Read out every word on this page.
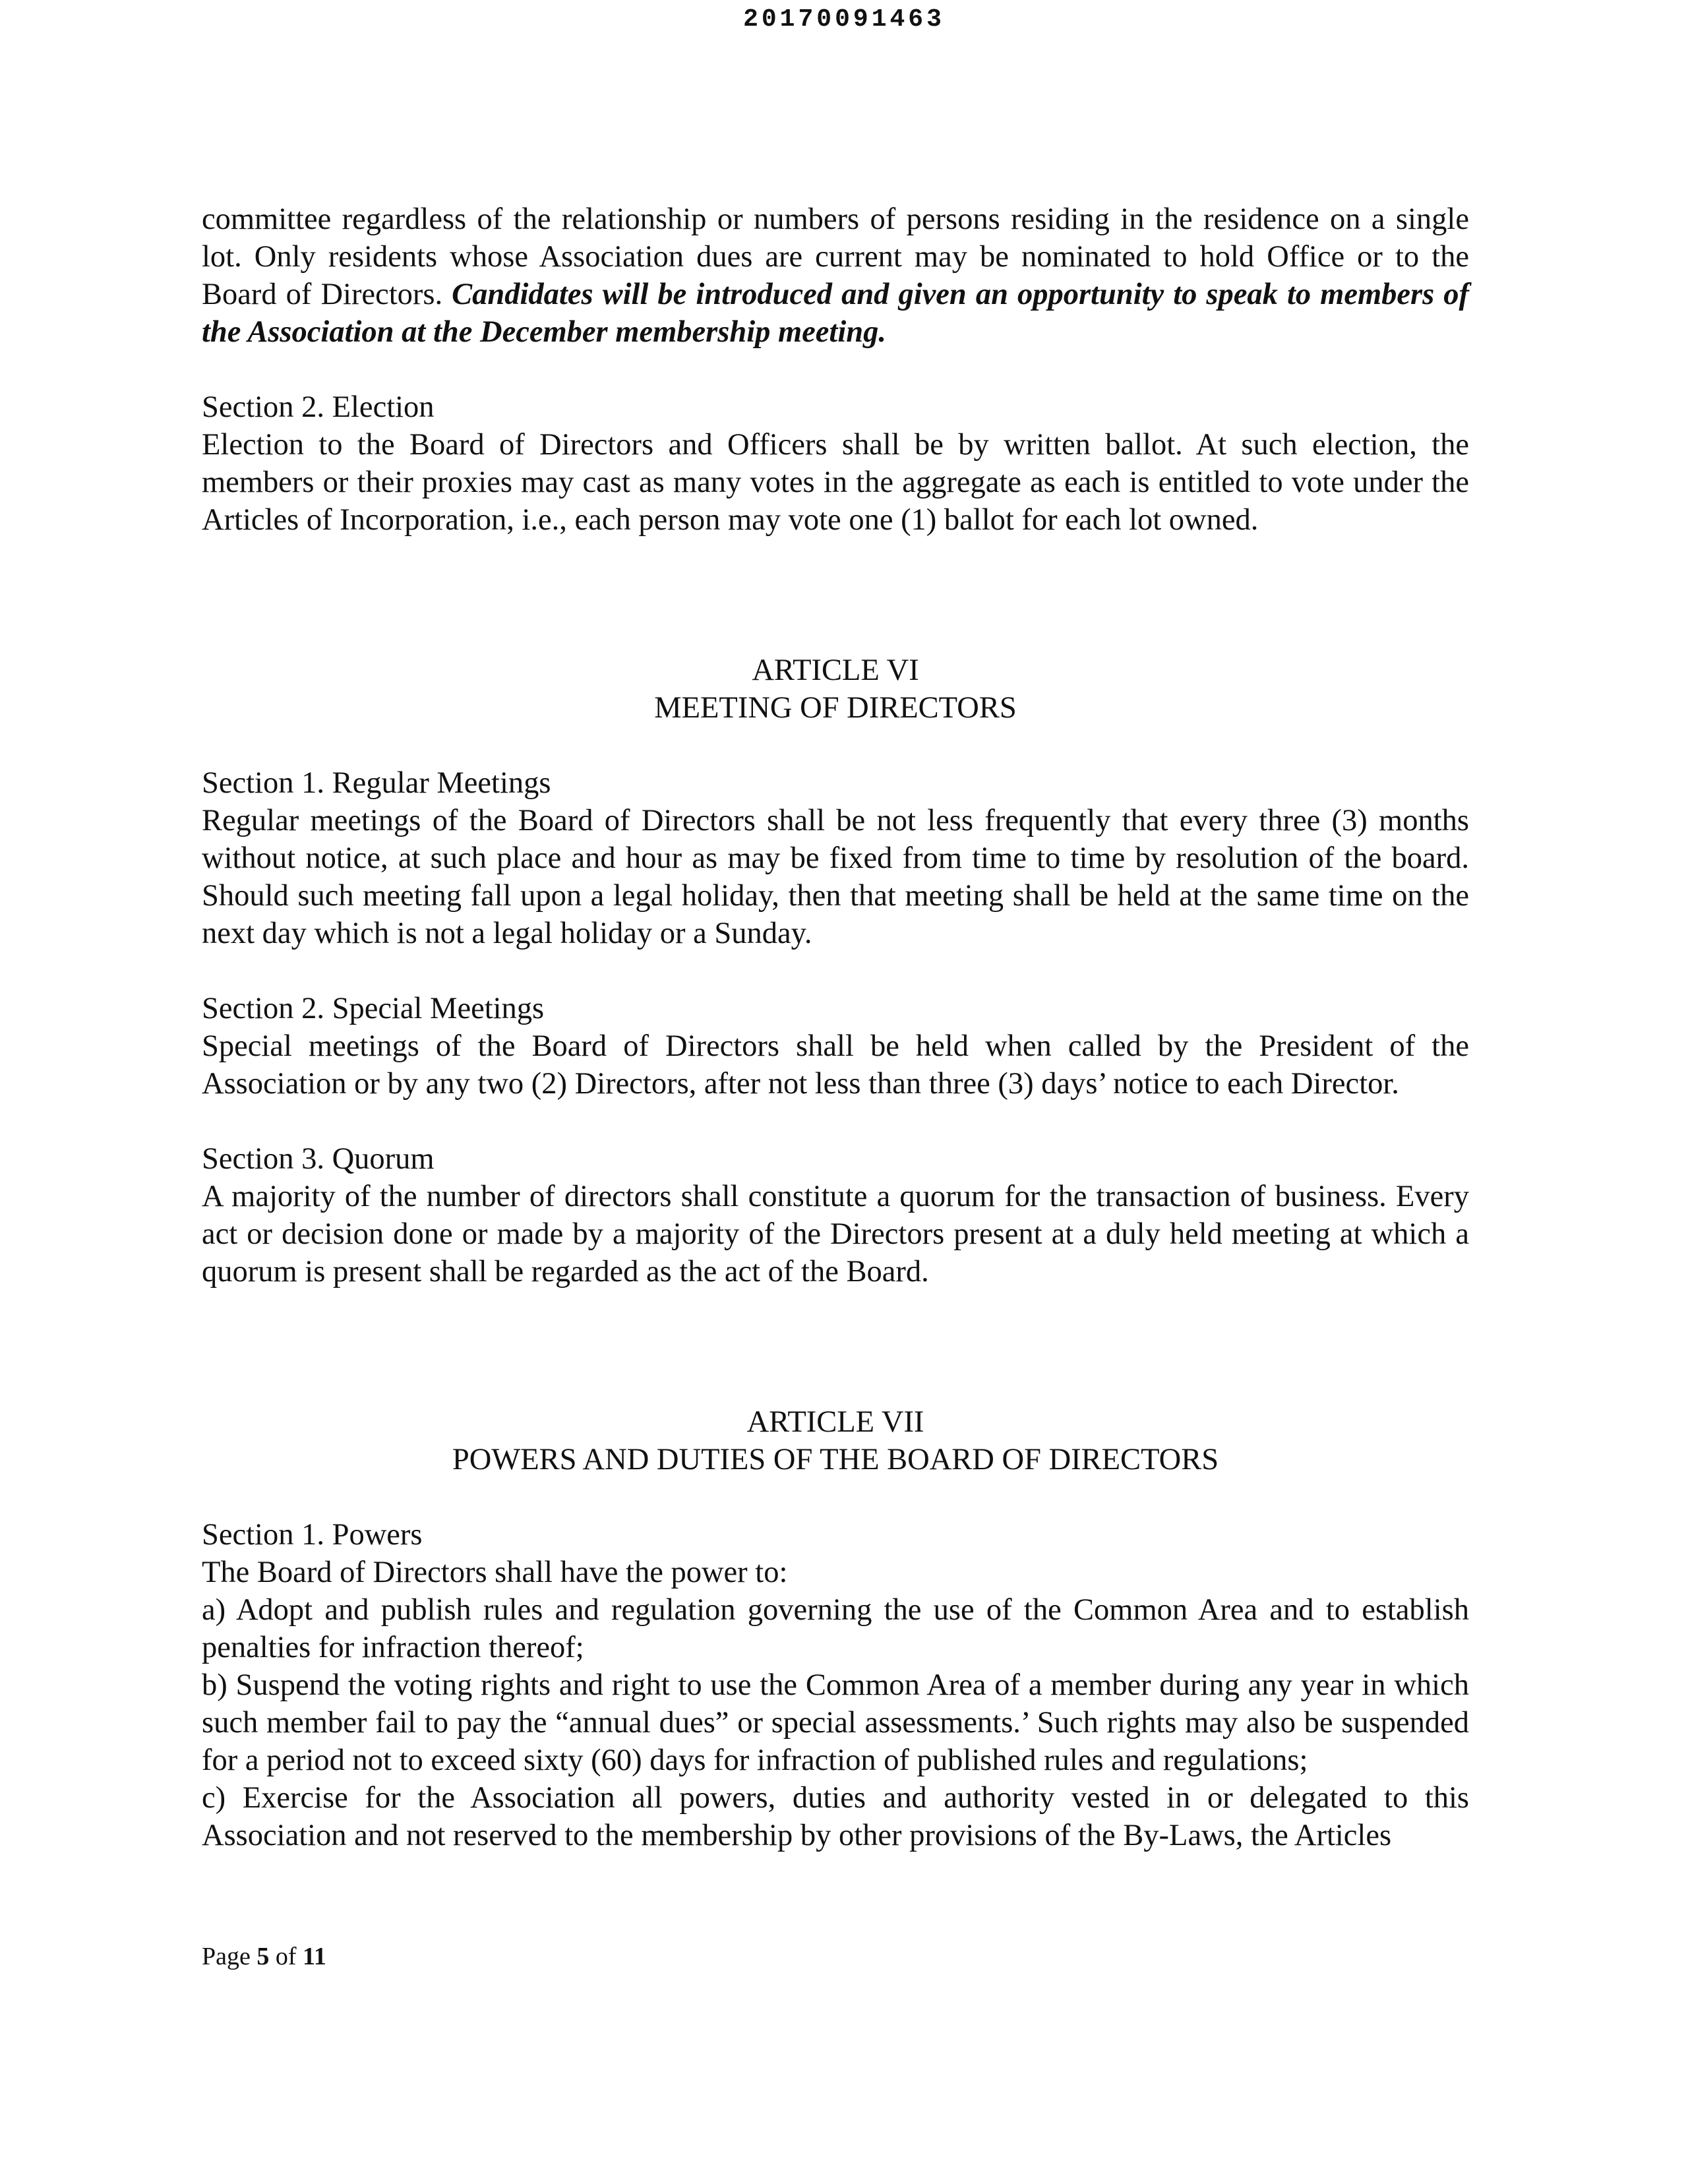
20170091463

committee regardless of the relationship or numbers of persons residing in the residence on a single lot. Only residents whose Association dues are current may be nominated to hold Office or to the Board of Directors. Candidates will be introduced and given an opportunity to speak to members of the Association at the December membership meeting.

Section 2. Election

Election to the Board of Directors and Officers shall be by written ballot. At such election, the members or their proxies may cast as many votes in the aggregate as each is entitled to vote under the Articles of Incorporation, i.e., each person may vote one (1) ballot for each lot owned.

ARTICLE VI

MEETING OF DIRECTORS

Section 1. Regular Meetings

Regular meetings of the Board of Directors shall be not less frequently that every three (3) months without notice, at such place and hour as may be fixed from time to time by resolution of the board. Should such meeting fall upon a legal holiday, then that meeting shall be held at the same time on the next day which is not a legal holiday or a Sunday.

Section 2. Special Meetings

Special meetings of the Board of Directors shall be held when called by the President of the Association or by any two (2) Directors, after not less than three (3) days’ notice to each Director.

Section 3. Quorum

A majority of the number of directors shall constitute a quorum for the transaction of business. Every act or decision done or made by a majority of the Directors present at a duly held meeting at which a quorum is present shall be regarded as the act of the Board.

ARTICLE VII

POWERS AND DUTIES OF THE BOARD OF DIRECTORS

Section 1. Powers

The Board of Directors shall have the power to:

a) Adopt and publish rules and regulation governing the use of the Common Area and to establish penalties for infraction thereof;

b) Suspend the voting rights and right to use the Common Area of a member during any year in which such member fail to pay the “annual dues” or special assessments.’ Such rights may also be suspended for a period not to exceed sixty (60) days for infraction of published rules and regulations;

c) Exercise for the Association all powers, duties and authority vested in or delegated to this Association and not reserved to the membership by other provisions of the By-Laws, the Articles

Page 5 of 11
